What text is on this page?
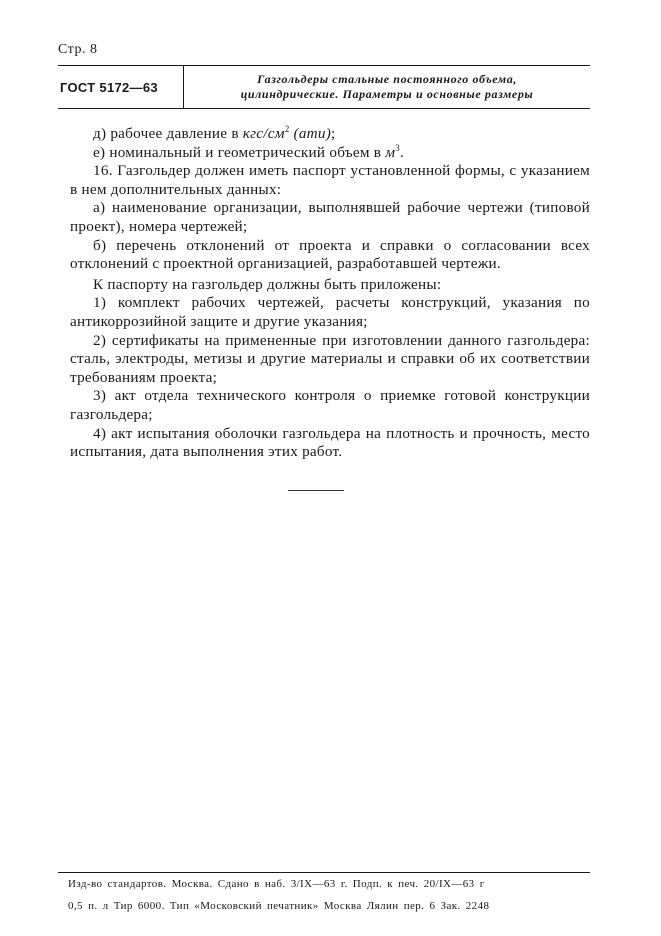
Стр. 8
ГОСТ 5172—63
Газгольдеры стальные постоянного объема,
цилиндрические. Параметры и основные размеры

д) рабочее давление в кгс/$см^2$ (ати);

е) номинальный и геометрический объем в $м^3$.

16. Газгольдер должен иметь паспорт установленной формы, с указанием в нем дополнительных данных:

а) наименование организации, выполнявшей рабочие чертежи (типовой проект), номера чертежей;

б) перечень отклонений от проекта и справки о согласовании всех отклонений с проектной организацией, разработавшей чертежи.

К паспорту на газгольдер должны быть приложены:

1) комплект рабочих чертежей, расчеты конструкций, указания по антикоррозийной защите и другие указания;

2) сертификаты на примененные при изготовлении данного газгольдера: сталь, электроды, метизы и другие материалы и справки об их соответствии требованиям проекта;

3) акт отдела технического контроля о приемке готовой конструкции газгольдера;

4) акт испытания оболочки газгольдера на плотность и прочность, место испытания, дата выполнения этих работ.

Изд-во стандартов. Москва. Сдано в наб. 3/IX—63 г. Подп. к печ. 20/IX—63 г
0,5 п. л Тир 6000. Тип «Московский печатник» Москва Лялин пер. 6 Зак. 2248
